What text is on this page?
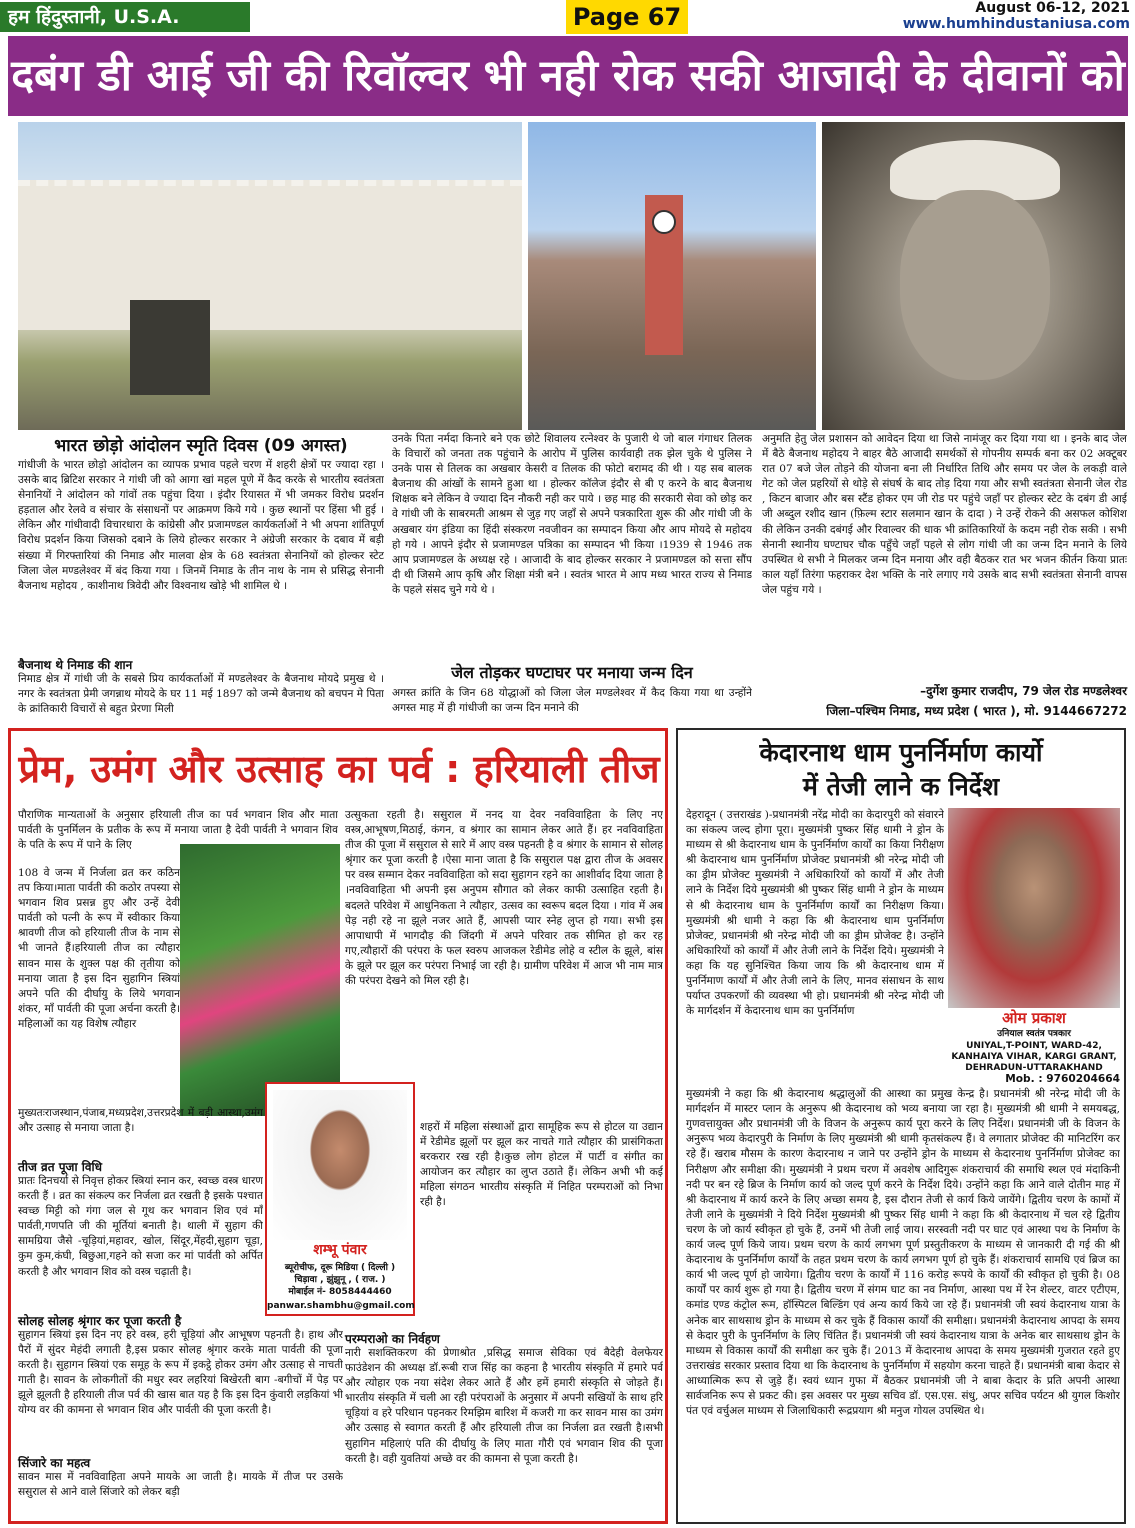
हम हिंदुस्तानी, U.S.A.	Page 67	August 06-12, 2021
www.humhindustaniusa.com
दबंग डी आई जी की रिवॉल्वर भी नही रोक सकी आजादी के दीवानों को
भारत छोड़ो आंदोलन स्मृति दिवस (09 अगस्त)
गांधीजी के भारत छोड़ो आंदोलन का व्यापक प्रभाव पहले चरण में शहरी क्षेत्रों पर ज्यादा रहा । उसके बाद ब्रिटिश सरकार ने गांधी जी को आगा खां महल पूणे में कैद करके से भारतीय स्वतंत्रता सेनानियों ने आंदोलन को गांवों तक पहुंचा दिया । इंदौर रियासत में भी जमकर विरोध प्रदर्शन हड़ताल और रेलवे व संचार के संसाधनों पर आक्रमण किये गये । कुछ स्थानों पर हिंसा भी हुई । लेकिन और गांधीवादी विचारधारा के कांग्रेसी और प्रजामण्डल कार्यकर्ताओं ने भी अपना शांतिपूर्ण विरोध प्रदर्शन किया जिसको दबाने के लिये होल्कर सरकार ने अंग्रेजी सरकार के दबाव में बड़ी संख्या में गिरफ्तारियां की निमाड और मालवा क्षेत्र के 68 स्वतंत्रता सेनानियों को होल्कर स्टेट जिला जेल मण्डलेश्वर में बंद किया गया । जिनमें निमाड के तीन नाथ के नाम से प्रसिद्ध सेनानी बैजनाथ महोदय , काशीनाथ त्रिवेदी और विश्वनाथ खोड़े भी शामिल थे ।
बैजनाथ थे निमाड की शान
निमाड क्षेत्र में गांधी जी के सबसे प्रिय कार्यकर्ताओं में मण्डलेश्वर के बैजनाथ मोयदे प्रमुख थे । नगर के स्वतंत्रता प्रेमी जगन्नाथ मोयदे के घर 11 मई 1897 को जन्मे बैजनाथ को बचपन मे पिता के क्रांतिकारी विचारों से बहुत प्रेरणा मिली
उनके पिता नर्मदा किनारे बने एक छोटे शिवालय रत्नेश्वर के पुजारी थे जो बाल गंगाधर तिलक के विचारों को जनता तक पहुंचाने के आरोप में पुलिस कार्यवाही तक झेल चुके थे पुलिस ने उनके पास से तिलक का अखबार केसरी व तिलक की फोटो बरामद की थी । यह सब बालक बैजनाथ की आंखों के सामने हुआ था । होल्कर कॉलेज इंदौर से बी ए करने के बाद बैजनाथ शिक्षक बने लेकिन वे ज्यादा दिन नौकरी नही कर पाये । छह माह की सरकारी सेवा को छोड़ कर वे गांधी जी के साबरमती आश्रम से जुड़ गए जहाँ से अपने पत्रकारिता शुरू की और गांधी जी के अखबार यंग इंडिया का हिंदी संस्करण नवजीवन का सम्पादन किया और आप मोयदे से महोदय हो गये । आपने इंदौर से प्रजामण्डल पत्रिका का सम्पादन भी किया ।1939 से 1946 तक आप प्रजामण्डल के अध्यक्ष रहे । आजादी के बाद होल्कर सरकार ने प्रजामण्डल को सत्ता सौंप दी थी जिसमे आप कृषि और शिक्षा मंत्री बने । स्वतंत्र भारत मे आप मध्य भारत राज्य से निमाड के पहले संसद चुने गये थे ।
जेल तोड़कर घण्टाघर पर मनाया जन्म दिन
अगस्त क्रांति के जिन 68 योद्धाओं को जिला जेल मण्डलेश्वर में कैद किया गया था उन्होंने अगस्त माह में ही गांधीजी का जन्म दिन मनाने की
अनुमति हेतु जेल प्रशासन को आवेदन दिया था जिसे नामंजूर कर दिया गया था । इनके बाद जेल में बैठे बैजनाथ महोदय ने बाहर बैठे आजादी समर्थकों से गोपनीय सम्पर्क बना कर 02 अक्टूबर रात 07 बजे जेल तोड़ने की योजना बना ली निर्धारित तिथि और समय पर जेल के लकड़ी वाले गेट को जेल प्रहरियों से थोड़े से संघर्ष के बाद तोड़ दिया गया और सभी स्वतंत्रता सेनानी जेल रोड , किटन बाजार और बस स्टैंड होकर एम जी रोड पर पहुंचे जहाँ पर होल्कर स्टेट के दबंग डी आई जी अब्दुल रशीद खान (फ़िल्म स्टार सलमान खान के दादा ) ने उन्हें रोकने की असफल कोशिश की लेकिन उनकी दबंगई और रिवाल्वर की धाक भी क्रांतिकारियों के कदम नही रोक सकी । सभी सेनानी स्थानीय घण्टाघर चौक पहुँचे जहाँ पहले से लोग गांधी जी का जन्म दिन मनाने के लिये उपस्थित थे सभी ने मिलकर जन्म दिन मनाया और वही बैठकर रात भर भजन कीर्तन किया प्रातः काल यहाँ तिरंगा फहराकर देश भक्ति के नारे लगाए गये उसके बाद सभी स्वतंत्रता सेनानी वापस जेल पहुंच गये ।
–दुर्गेश कुमार राजदीप, 79 जेल रोड मण्डलेश्वर
जिला–पश्चिम निमाड, मध्य प्रदेश ( भारत ), मो. 9144667272
प्रेम, उमंग और उत्साह का पर्व : हरियाली तीज
पौराणिक मान्यताओं के अनुसार हरियाली तीज का पर्व भगवान शिव और माता पार्वती के पुनर्मिलन के प्रतीक के रूप में मनाया जाता है देवी पार्वती ने भगवान शिव के पति के रूप में पाने के लिए
108 वे जन्म में निर्जला व्रत कर कठिन तप किया।माता पार्वती की कठोर तपस्या से भगवान शिव प्रसन्न हुए और उन्हें देवी पार्वती को पत्नी के रूप में स्वीकार किया श्रावणी तीज को हरियाली तीज के नाम से भी जानते हैं।हरियाली तीज का त्यौहार सावन मास के शुक्ल पक्ष की तृतीया को मनाया जाता है इस दिन सुहागिन स्त्रियां अपने पति की दीर्घायु के लिये भगवान शंकर, माँ पार्वती की पूजा अर्चना करती है।महिलाओं का यह विशेष त्यौहार
उत्सुकता रहती है। ससुराल में ननद या देवर नवविवाहिता के लिए नए वस्त्र,आभूषण,मिठाई, कंगन, व श्रंगार का सामान लेकर आते हैं। हर नवविवाहिता तीज की पूजा में ससुराल से सारे में आए वस्त्र पहनती है व श्रंगार के सामान से सोलह श्रृंगार कर पूजा करती है ।ऐसा माना जाता है कि ससुराल पक्ष द्वारा तीज के अवसर पर वस्त्र सम्मान देकर नवविवाहिता को सदा सुहागन रहने का आशीर्वाद दिया जाता है ।नवविवाहिता भी अपनी इस अनुपम सौगात को लेकर काफी उत्साहित रहती है। बदलते परिवेश में आधुनिकता ने त्यौहार, उत्सव का स्वरूप बदल दिया । गांव में अब पेड़ नही रहे ना झूले नजर आते हैं, आपसी प्यार स्नेह लुप्त हो गया। सभी इस आपाधापी में भागदौड़ की जिंदगी में अपने परिवार तक सीमित हो कर रह गए,त्यौहारों की परंपरा के फल स्वरुप आजकल रेडीमेड लोहे व स्टील के झूले, बांस के झूले पर झूल कर परंपरा निभाई जा रही है। ग्रामीण परिवेश में आज भी नाम मात्र की परंपरा देखने को मिल रही है।
मुख्यतःराजस्थान,पंजाब,मध्यप्रदेश,उत्तरप्रदेश में बड़ी आस्था,उमंग और उत्साह से मनाया जाता है।
तीज व्रत पूजा विधि
प्रातः दिनचर्या से निवृत्त होकर स्त्रियां स्नान कर, स्वच्छ वस्त्र धारण करती हैं । व्रत का संकल्प कर निर्जला व्रत रखती है इसके पश्चात स्वच्छ मिट्टी को गंगा जल से गूथ कर भगवान शिव एवं माँ पार्वती,गणपति जी की मूर्तियां बनाती है। थाली में सुहाग की सामग्रिया जैसे -चूड़ियां,महावर, खोल, सिंदूर,मेंहदी,सुहाग चूड़ा, कुम कुम,कंघी, बिछुआ,गहने को सजा कर मां पार्वती को अर्पित करती है और भगवान शिव को वस्त्र चढ़ाती है।
सोलह सोलह श्रृंगार कर पूजा करती है
सुहागन स्त्रियां इस दिन नए हरे वस्त्र, हरी चूड़ियां और आभूषण पहनती है। हाथ और पैरों में सुंदर मेहंदी लगाती है,इस प्रकार सोलह श्रृंगार करके माता पार्वती की पूजा करती है। सुहागन स्त्रियां एक समूह के रूप में इकट्ठे होकर उमंग और उत्साह से नाचती गाती है। सावन के लोकगीतों की मधुर स्वर लहरियां बिखेरती बाग -बगीचों में पेड़ पर झूले झूलती है हरियाली तीज पर्व की खास बात यह है कि इस दिन कुंवारी लड़कियां भी योग्य वर की कामना से भगवान शिव और पार्वती की पूजा करती है।
सिंजारे का महत्व
सावन मास में नवविवाहिता अपने मायके आ जाती है। मायके में तीज पर उसके ससुराल से आने वाले सिंजारे को लेकर बड़ी
शम्भू पंवार
ब्यूरोचीफ, दूरू मिडिया ( दिल्ली )
चिड़ावा , झुंझुनू , ( राज. )
मोबाईल नं- 8058444460
panwar.shambhu@gmail.com
शहरों में महिला संस्थाओं द्वारा सामूहिक रूप से होटल या उद्यान में रेडीमेड झूलों पर झूल कर नाचते गाते त्यौहार की प्रासंगिकता बरकरार रख रही है।कुछ लोग होटल में पार्टी व संगीत का आयोजन कर त्यौहार का लुप्त उठाते हैं। लेकिन अभी भी कई महिला संगठन भारतीय संस्कृति में निहित परम्पराओं को निभा रही है।
परम्पराओ का निर्वहण
नारी सशक्तिकरण की प्रेणाश्रोत ,प्रसिद्ध समाज सेविका एवं बैदेही वेलफेयर फाउंडेशन की अध्यक्ष डॉ.रूबी राज सिंह का कहना है भारतीय संस्कृति में हमारे पर्व और त्योहार एक नया संदेश लेकर आते हैं और हमें हमारी संस्कृति से जोड़ते हैं। भारतीय संस्कृति में चली आ रही परंपराओं के अनुसार में अपनी सखियों के साथ हरि चूड़ियां व हरे परिधान पहनकर रिमझिम बारिश में कजरी गा कर सावन मास का उमंग और उत्साह से स्वागत करती हैं और हरियाली तीज का निर्जला व्रत रखती है।सभी सुहागिन महिलाएं पति की दीर्घायु के लिए माता गौरी एवं भगवान शिव की पूजा करती है। वही युवतियां अच्छे वर की कामना से पूजा करती है।
केदारनाथ धाम पुनर्निर्माण कार्यो
में तेजी लाने क निर्देश
देहरादून ( उत्तराखंड )-प्रधानमंत्री नरेंद्र मोदी का केदारपुरी को संवारने का संकल्प जल्द होगा पूरा। मुख्यमंत्री पुष्कर सिंह धामी ने ड्रोन के माध्यम से श्री केदारनाथ धाम के पुनर्निर्माण कार्यों का किया निरीक्षण श्री केदारनाथ धाम पुनर्निर्माण प्रोजेक्ट प्रधानमंत्री श्री नरेन्द्र मोदी जी का ड्रीम प्रोजेक्ट मुख्यमंत्री ने अधिकारियों को कार्यों में और तेजी लाने के निर्देश दिये मुख्यमंत्री श्री पुष्कर सिंह धामी ने ड्रोन के माध्यम से श्री केदारनाथ धाम के पुनर्निर्माण कार्यों का निरीक्षण किया। मुख्यमंत्री श्री धामी ने कहा कि श्री केदारनाथ धाम पुनर्निर्माण प्रोजेक्ट, प्रधानमंत्री श्री नरेन्द्र मोदी जी का ड्रीम प्रोजेक्ट है। उन्होंने अधिकारियों को कार्यों में और तेजी लाने के निर्देश दिये। मुख्यमंत्री ने कहा कि यह सुनिश्चित किया जाय कि श्री केदारनाथ धाम में पुनर्निमाण कार्यों में और तेजी लाने के लिए, मानव संसाधन के साथ पर्याप्त उपकरणों की व्यवस्था भी हो। प्रधानमंत्री श्री नरेन्द्र मोदी जी के मार्गदर्शन में केदारनाथ धाम का पुनर्निर्माण	ओम प्रकाश
उनियाल स्वतंत्र पत्रकार
UNIYAL,T-POINT, WARD-42,
KANHAIYA VIHAR, KARGI GRANT,
DEHRADUN-UTTARAKHAND
Mob. : 9760204664
मुख्यमंत्री ने कहा कि श्री केदारनाथ श्रद्धालुओं की आस्था का प्रमुख केन्द्र है। प्रधानमंत्री श्री नरेन्द्र मोदी जी के मार्गदर्शन में मास्टर प्लान के अनुरूप श्री केदारनाथ को भव्य बनाया जा रहा है। मुख्यमंत्री श्री धामी ने समयबद्ध, गुणवत्तायुक्त और प्रधानमंत्री जी के विजन के अनुरूप कार्य पूरा करने के लिए निर्देश। प्रधानमंत्री जी के विजन के अनुरूप भव्य केदारपुरी के निर्माण के लिए मुख्यमंत्री श्री धामी कृतसंकल्प हैं। वे लगातार प्रोजेक्ट की मानिटरिंग कर रहे हैं। खराब मौसम के कारण केदारनाथ न जाने पर उन्होंने ड्रोन के माध्यम से केदारनाथ पुनर्निर्माण प्रोजेक्ट का निरीक्षण और समीक्षा की। मुख्यमंत्री ने प्रथम चरण में अवशेष आदिगुरू शंकराचार्य की समाधि स्थल एवं मंदाकिनी नदी पर बन रहे ब्रिज के निर्माण कार्य को जल्द पूर्ण करने के निर्देश दिये। उन्होंने कहा कि आने वाले दोतीन माह में श्री केदारनाथ में कार्य करने के लिए अच्छा समय है, इस दौरान तेजी से कार्य किये जायेंगे। द्वितीय चरण के कामों में तेजी लाने के मुख्यमंत्री ने दिये निर्देश मुख्यमंत्री श्री पुष्कर सिंह धामी ने कहा कि श्री केदारनाथ में चल रहे द्वितीय चरण के जो कार्य स्वीकृत हो चुके हैं, उनमें भी तेजी लाई जाय। सरस्वती नदी पर घाट एवं आस्था पथ के निर्माण के कार्य जल्द पूर्ण किये जाय। प्रथम चरण के कार्य लगभग पूर्ण प्रस्तुतीकरण के माध्यम से जानकारी दी गई की श्री केदारनाथ के पुनर्निर्माण कार्यों के तहत प्रथम चरण के कार्य लगभग पूर्ण हो चुके हैं। शंकराचार्य सामधि एवं ब्रिज का कार्य भी जल्द पूर्ण हो जायेगा। द्वितीय चरण के कार्यों में 116 करोड़ रूपये के कार्यों की स्वीकृत हो चुकी है। 08 कार्यों पर कार्य शुरू हो गया है। द्वितीय चरण में संगम घाट का नव निर्माण, आस्था पथ में रेन शेल्टर, वाटर एटीएम, कमांड एण्ड कंट्रोल रूम, हॉस्पिटल बिल्डिंग एवं अन्य कार्य किये जा रहे हैं। प्रधानमंत्री जी स्वयं केदारनाथ यात्रा के अनेक बार साथसाथ ड्रोन के माध्यम से कर चुके हैं विकास कार्यों की समीक्षा। प्रधानमंत्री केदारनाथ आपदा के समय से केदार पुरी के पुनर्निर्माण के लिए चिंतित हैं। प्रधानमंत्री जी स्वयं केदारनाथ यात्रा के अनेक बार साथसाथ ड्रोन के माध्यम से विकास कार्यों की समीक्षा कर चुके हैं। 2013 में केदारनाथ आपदा के समय मुख्यमंत्री गुजरात रहते हुए उत्तराखंड सरकार प्रस्ताव दिया था कि केदारनाथ के पुनर्निर्माण में सहयोग करना चाहते हैं। प्रधानमंत्री बाबा केदार से आध्यात्मिक रूप से जुड़े हैं। स्वयं ध्यान गुफा में बैठकर प्रधानमंत्री जी ने बाबा केदार के प्रति अपनी आस्था सार्वजनिक रूप से प्रकट की। इस अवसर पर मुख्य सचिव डॉ. एस.एस. संधु, अपर सचिव पर्यटन श्री युगल किशोर पंत एवं वर्चुअल माध्यम से जिलाधिकारी रूद्रप्रयाग श्री मनुज गोयल उपस्थित थे।
